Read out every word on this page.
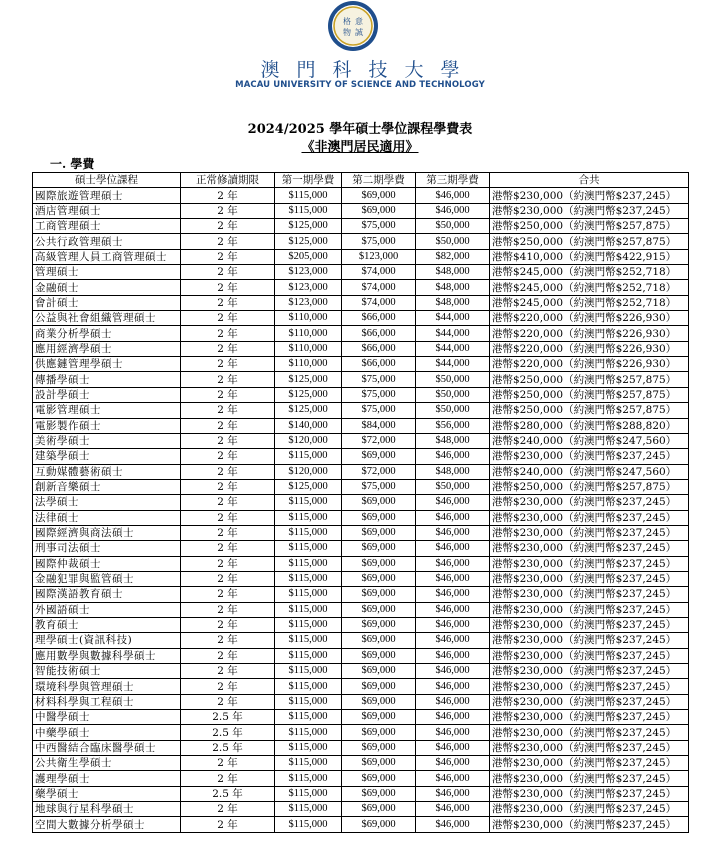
格 意
物 誠
澳門科技大學
MACAU UNIVERSITY OF SCIENCE AND TECHNOLOGY
2024/2025 學年碩士學位課程學費表
《非澳門居民適用》
一. 學費
碩士學位課程	正常修讀期限	第一期學費	第二期學費	第三期學費	合共
國際旅遊管理碩士	2 年	$115,000	$69,000	$46,000	港幣$230,000（約澳門幣$237,245）
酒店管理碩士	2 年	$115,000	$69,000	$46,000	港幣$230,000（約澳門幣$237,245）
工商管理碩士	2 年	$125,000	$75,000	$50,000	港幣$250,000（約澳門幣$257,875）
公共行政管理碩士	2 年	$125,000	$75,000	$50,000	港幣$250,000（約澳門幣$257,875）
高級管理人員工商管理碩士	2 年	$205,000	$123,000	$82,000	港幣$410,000（約澳門幣$422,915）
管理碩士	2 年	$123,000	$74,000	$48,000	港幣$245,000（約澳門幣$252,718）
金融碩士	2 年	$123,000	$74,000	$48,000	港幣$245,000（約澳門幣$252,718）
會計碩士	2 年	$123,000	$74,000	$48,000	港幣$245,000（約澳門幣$252,718）
公益與社會組織管理碩士	2 年	$110,000	$66,000	$44,000	港幣$220,000（約澳門幣$226,930）
商業分析學碩士	2 年	$110,000	$66,000	$44,000	港幣$220,000（約澳門幣$226,930）
應用經濟學碩士	2 年	$110,000	$66,000	$44,000	港幣$220,000（約澳門幣$226,930）
供應鏈管理學碩士	2 年	$110,000	$66,000	$44,000	港幣$220,000（約澳門幣$226,930）
傳播學碩士	2 年	$125,000	$75,000	$50,000	港幣$250,000（約澳門幣$257,875）
設計學碩士	2 年	$125,000	$75,000	$50,000	港幣$250,000（約澳門幣$257,875）
電影管理碩士	2 年	$125,000	$75,000	$50,000	港幣$250,000（約澳門幣$257,875）
電影製作碩士	2 年	$140,000	$84,000	$56,000	港幣$280,000（約澳門幣$288,820）
美術學碩士	2 年	$120,000	$72,000	$48,000	港幣$240,000（約澳門幣$247,560）
建築學碩士	2 年	$115,000	$69,000	$46,000	港幣$230,000（約澳門幣$237,245）
互動媒體藝術碩士	2 年	$120,000	$72,000	$48,000	港幣$240,000（約澳門幣$247,560）
創新音樂碩士	2 年	$125,000	$75,000	$50,000	港幣$250,000（約澳門幣$257,875）
法學碩士	2 年	$115,000	$69,000	$46,000	港幣$230,000（約澳門幣$237,245）
法律碩士	2 年	$115,000	$69,000	$46,000	港幣$230,000（約澳門幣$237,245）
國際經濟與商法碩士	2 年	$115,000	$69,000	$46,000	港幣$230,000（約澳門幣$237,245）
刑事司法碩士	2 年	$115,000	$69,000	$46,000	港幣$230,000（約澳門幣$237,245）
國際仲裁碩士	2 年	$115,000	$69,000	$46,000	港幣$230,000（約澳門幣$237,245）
金融犯罪與監管碩士	2 年	$115,000	$69,000	$46,000	港幣$230,000（約澳門幣$237,245）
國際漢語教育碩士	2 年	$115,000	$69,000	$46,000	港幣$230,000（約澳門幣$237,245）
外國語碩士	2 年	$115,000	$69,000	$46,000	港幣$230,000（約澳門幣$237,245）
教育碩士	2 年	$115,000	$69,000	$46,000	港幣$230,000（約澳門幣$237,245）
理學碩士(資訊科技)	2 年	$115,000	$69,000	$46,000	港幣$230,000（約澳門幣$237,245）
應用數學與數據科學碩士	2 年	$115,000	$69,000	$46,000	港幣$230,000（約澳門幣$237,245）
智能技術碩士	2 年	$115,000	$69,000	$46,000	港幣$230,000（約澳門幣$237,245）
環境科學與管理碩士	2 年	$115,000	$69,000	$46,000	港幣$230,000（約澳門幣$237,245）
材料科學與工程碩士	2 年	$115,000	$69,000	$46,000	港幣$230,000（約澳門幣$237,245）
中醫學碩士	2.5 年	$115,000	$69,000	$46,000	港幣$230,000（約澳門幣$237,245）
中藥學碩士	2.5 年	$115,000	$69,000	$46,000	港幣$230,000（約澳門幣$237,245）
中西醫結合臨床醫學碩士	2.5 年	$115,000	$69,000	$46,000	港幣$230,000（約澳門幣$237,245）
公共衛生學碩士	2 年	$115,000	$69,000	$46,000	港幣$230,000（約澳門幣$237,245）
護理學碩士	2 年	$115,000	$69,000	$46,000	港幣$230,000（約澳門幣$237,245）
藥學碩士	2.5 年	$115,000	$69,000	$46,000	港幣$230,000（約澳門幣$237,245）
地球與行星科學碩士	2 年	$115,000	$69,000	$46,000	港幣$230,000（約澳門幣$237,245）
空間大數據分析學碩士	2 年	$115,000	$69,000	$46,000	港幣$230,000（約澳門幣$237,245）
